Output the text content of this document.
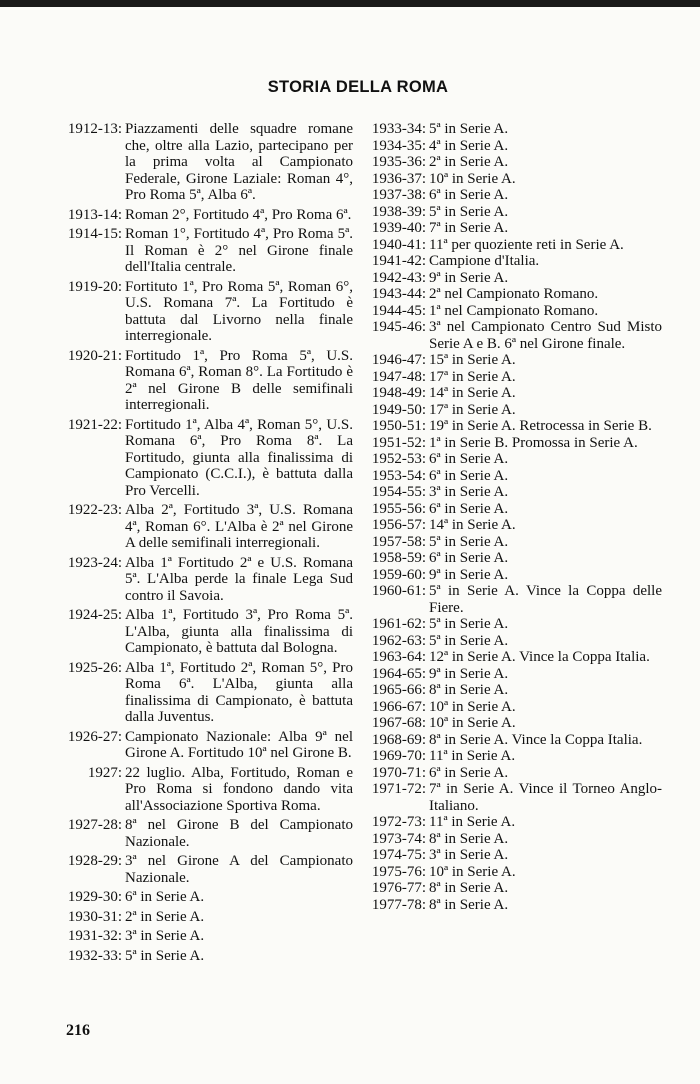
STORIA DELLA ROMA
1912-13: Piazzamenti delle squadre romane che, oltre alla Lazio, partecipano per la prima volta al Campionato Federale, Girone Laziale: Roman 4°, Pro Roma 5ª, Alba 6ª.
1913-14: Roman 2°, Fortitudo 4ª, Pro Roma 6ª.
1914-15: Roman 1°, Fortitudo 4ª, Pro Roma 5ª. Il Roman è 2° nel Girone finale dell'Italia centrale.
1919-20: Fortituto 1ª, Pro Roma 5ª, Roman 6°, U.S. Romana 7ª. La Fortitudo è battuta dal Livorno nella finale interregionale.
1920-21: Fortitudo 1ª, Pro Roma 5ª, U.S. Romana 6ª, Roman 8°. La Fortitudo è 2ª nel Girone B delle semifinali interregionali.
1921-22: Fortitudo 1ª, Alba 4ª, Roman 5°, U.S. Romana 6ª, Pro Roma 8ª. La Fortitudo, giunta alla finalissima di Campionato (C.C.I.), è battuta dalla Pro Vercelli.
1922-23: Alba 2ª, Fortitudo 3ª, U.S. Romana 4ª, Roman 6°. L'Alba è 2ª nel Girone A delle semifinali interregionali.
1923-24: Alba 1ª Fortitudo 2ª e U.S. Romana 5ª. L'Alba perde la finale Lega Sud contro il Savoia.
1924-25: Alba 1ª, Fortitudo 3ª, Pro Roma 5ª. L'Alba, giunta alla finalissima di Campionato, è battuta dal Bologna.
1925-26: Alba 1ª, Fortitudo 2ª, Roman 5°, Pro Roma 6ª. L'Alba, giunta alla finalissima di Campionato, è battuta dalla Juventus.
1926-27: Campionato Nazionale: Alba 9ª nel Girone A. Fortitudo 10ª nel Girone B.
1927: 22 luglio. Alba, Fortitudo, Roman e Pro Roma si fondono dando vita all'Associazione Sportiva Roma.
1927-28: 8ª nel Girone B del Campionato Nazionale.
1928-29: 3ª nel Girone A del Campionato Nazionale.
1929-30: 6ª in Serie A.
1930-31: 2ª in Serie A.
1931-32: 3ª in Serie A.
1932-33: 5ª in Serie A.
1933-34: 5ª in Serie A.
1934-35: 4ª in Serie A.
1935-36: 2ª in Serie A.
1936-37: 10ª in Serie A.
1937-38: 6ª in Serie A.
1938-39: 5ª in Serie A.
1939-40: 7ª in Serie A.
1940-41: 11ª per quoziente reti in Serie A.
1941-42: Campione d'Italia.
1942-43: 9ª in Serie A.
1943-44: 2ª nel Campionato Romano.
1944-45: 1ª nel Campionato Romano.
1945-46: 3ª nel Campionato Centro Sud Misto Serie A e B. 6ª nel Girone finale.
1946-47: 15ª in Serie A.
1947-48: 17ª in Serie A.
1948-49: 14ª in Serie A.
1949-50: 17ª in Serie A.
1950-51: 19ª in Serie A. Retrocessa in Serie B.
1951-52: 1ª in Serie B. Promossa in Serie A.
1952-53: 6ª in Serie A.
1953-54: 6ª in Serie A.
1954-55: 3ª in Serie A.
1955-56: 6ª in Serie A.
1956-57: 14ª in Serie A.
1957-58: 5ª in Serie A.
1958-59: 6ª in Serie A.
1959-60: 9ª in Serie A.
1960-61: 5ª in Serie A. Vince la Coppa delle Fiere.
1961-62: 5ª in Serie A.
1962-63: 5ª in Serie A.
1963-64: 12ª in Serie A. Vince la Coppa Italia.
1964-65: 9ª in Serie A.
1965-66: 8ª in Serie A.
1966-67: 10ª in Serie A.
1967-68: 10ª in Serie A.
1968-69: 8ª in Serie A. Vince la Coppa Italia.
1969-70: 11ª in Serie A.
1970-71: 6ª in Serie A.
1971-72: 7ª in Serie A. Vince il Torneo Anglo-Italiano.
1972-73: 11ª in Serie A.
1973-74: 8ª in Serie A.
1974-75: 3ª in Serie A.
1975-76: 10ª in Serie A.
1976-77: 8ª in Serie A.
1977-78: 8ª in Serie A.
216
